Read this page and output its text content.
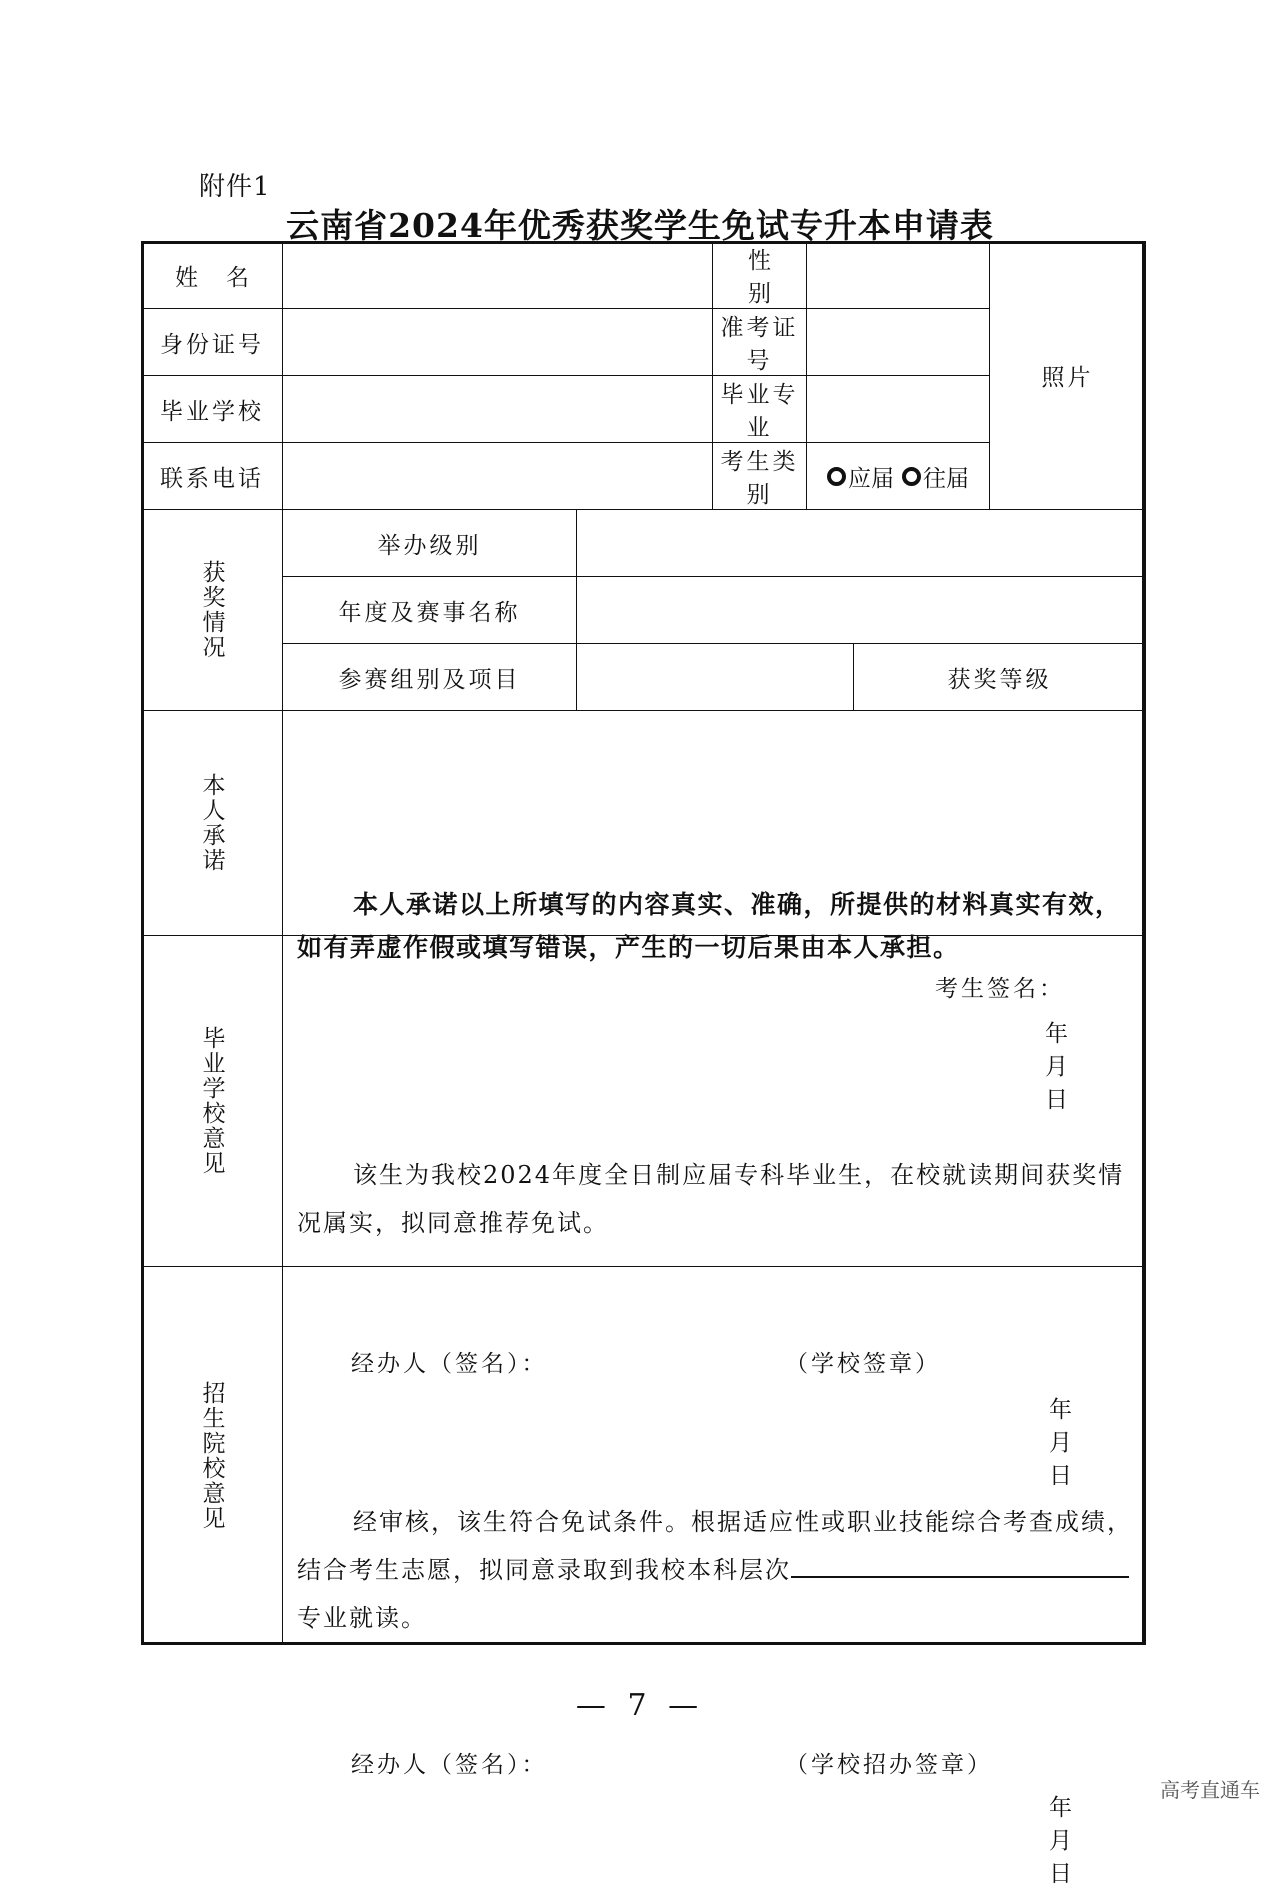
附件1
云南省2024年优秀获奖学生免试专升本申请表
姓名			性别			照片	
身份证号			准考证号				
毕业学校			毕业专业				
联系电话			考生类别	应届 往届			

获奖情况	举办级别						
	年度及赛事名称						
	参赛组别及项目				获奖等级		

本人承诺	本人承诺以上所填写的内容真实、准确，所提供的材料真实有效，如有弄虚作假或填写错误，产生的一切后果由本人承担。
考生签名：
年　　月　　日						

毕业学校意见	该生为我校2024年度全日制应届专科毕业生，在校就读期间获奖情况属实，拟同意推荐免试。
经办人（签名）： （学校签章）
年　　月　　日						

招生院校意见	经审核，该生符合免试条件。根据适应性或职业技能综合考查成绩，结合考生志愿，拟同意录取到我校本科层次
专业就读。
经办人（签名）： （学校招办签章）
年　　月　　日						
— 7 —
高考直通车
